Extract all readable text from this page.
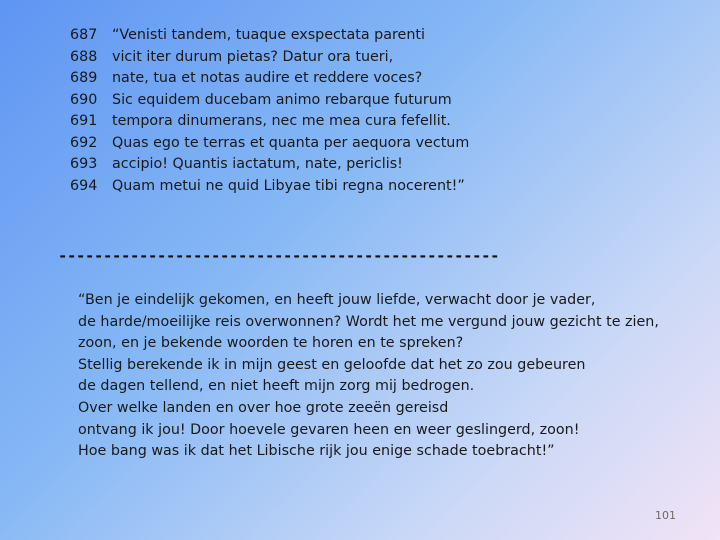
687	“Venisti tandem, tuaque exspectata parenti
688	vicit iter durum pietas? Datur ora tueri,
689	nate, tua et notas audire et reddere voces?
690	Sic equidem ducebam animo rebarque futurum
691	tempora dinumerans, nec me mea cura fefellit.
692	Quas ego te terras et quanta per aequora vectum
693	accipio! Quantis iactatum, nate, periclis!
694	Quam metui ne quid Libyae tibi regna nocerent!”
-------------------------------------------------
“Ben je eindelijk gekomen, en heeft jouw liefde, verwacht door je vader,
de harde/moeilijke reis overwonnen? Wordt het me vergund jouw gezicht te zien,
zoon, en je bekende woorden te horen en te spreken?
Stellig berekende ik in mijn geest en geloofde dat het zo zou gebeuren
de dagen tellend, en niet heeft mijn zorg mij bedrogen.
Over welke landen en over hoe grote zeeën gereisd
ontvang ik jou! Door hoevele gevaren heen en weer geslingerd, zoon!
Hoe bang was ik dat het Libische rijk jou enige schade toebracht!”
101
